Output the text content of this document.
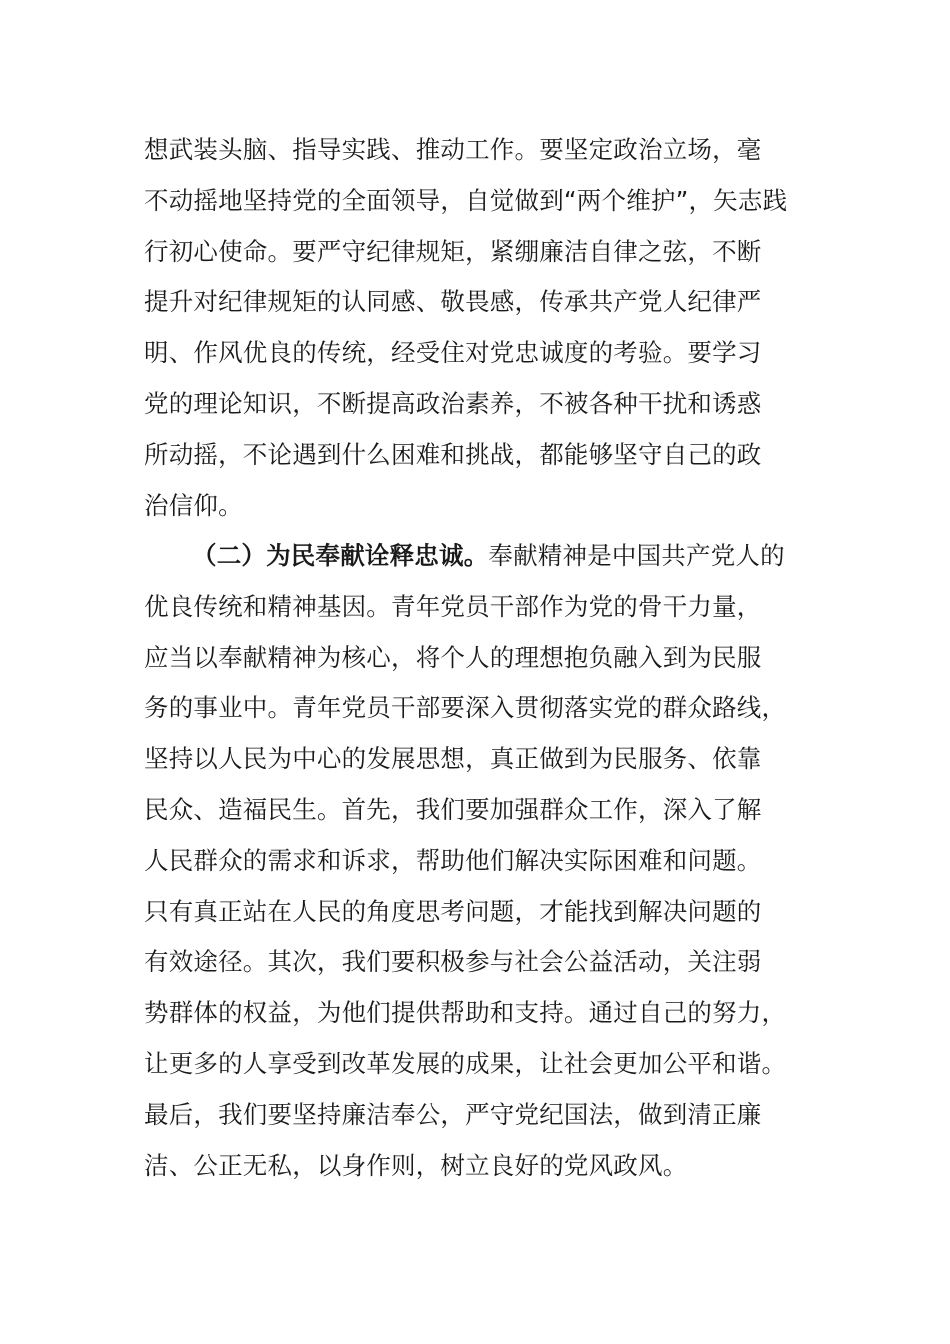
想武装头脑、指导实践、推动工作。要坚定政治立场，毫
不动摇地坚持党的全面领导，自觉做到“两个维护”，矢志践
行初心使命。要严守纪律规矩，紧绷廉洁自律之弦，不断
提升对纪律规矩的认同感、敬畏感，传承共产党人纪律严
明、作风优良的传统，经受住对党忠诚度的考验。要学习
党的理论知识，不断提高政治素养，不被各种干扰和诱惑
所动摇，不论遇到什么困难和挑战，都能够坚守自己的政
治信仰。
（二）为民奉献诠释忠诚。奉献精神是中国共产党人的
优良传统和精神基因。青年党员干部作为党的骨干力量，
应当以奉献精神为核心，将个人的理想抱负融入到为民服
务的事业中。青年党员干部要深入贯彻落实党的群众路线，
坚持以人民为中心的发展思想，真正做到为民服务、依靠
民众、造福民生。首先，我们要加强群众工作，深入了解
人民群众的需求和诉求，帮助他们解决实际困难和问题。
只有真正站在人民的角度思考问题，才能找到解决问题的
有效途径。其次，我们要积极参与社会公益活动，关注弱
势群体的权益，为他们提供帮助和支持。通过自己的努力，
让更多的人享受到改革发展的成果，让社会更加公平和谐。
最后，我们要坚持廉洁奉公，严守党纪国法，做到清正廉
洁、公正无私，以身作则，树立良好的党风政风。
